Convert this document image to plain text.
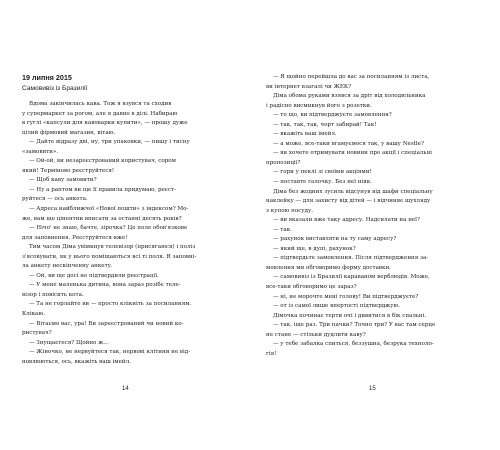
19 липня 2015
Самовивіз із Бразилії
Вдома закінчилась кава. Тож я взувся та сходив
у супермаркет за рогом, але я давно в ділі. Набираю
в гуглі «капсули для кавоварки купити», — прошу дуже
цілий фірмовий магазин, вітаю.
— Дайте відразу дві, ну, три упаковки, — пишу і тисну
«замовити».
— Ой-ой, ви незареєстрований користувач, сором
який! Терміново реєструйтеся!
— Щоб каву замовити?
— Ну а раптом ви ще її правила придумаю, реєст-
руйтеся — ось анкета.
— Адреса найближчої «Нової пошти» з індексом? Мо-
же, вам ще цінентни вписати за останні десять років?
— Нічо' не знаю, бачте, зірочка? Це поле обов'язкове
для заповнення. Реєструйтеся вже!
Тим часом Діма увімкнув телевізор (присягаюся) і поліз
з'ясовувати, як у нього поміщаються всі ті поля. Я заповні-
ла анкету нескінченну анкету.
— Ой, ви ще досі не підтвердили реєстрації.
— У мене маленька дитина, вона зараз розібє теле-
візор і повісить кота.
— Та не горлайте ви — просто клікніть за посиланням.
Клікаю.
— Вітаємо вас, ура! Ви зареєстрований чи новий ко-
ристувач?
— Знущаєтеся? Щойно ж...
— Жіночко, не нервуйтеся так, нервові клітини не від-
новлюються, ось, вкажіть ваш імейл.
14
— Я щойно перейшла до вас за посиланням із листа,
ви інтернет взагалі чи ЖЕК?
Діма обома руками взявся за дріт від холодильника
і радісно висмикнув його з розетки.
— то що, ви підтверджуєте замовлення?
— так, так, так, чорт забирай! Так!
— вкажіть ваш імейл.
— а може, все-таки вгамуємося так, у вашу Nestle?
— ви хочете отримувати новини про акції і спеціальні
пропозиції?
— гори у пеклі зі своїми акціями!
— поставте галочку. Без неї ніяк.
Діма без жодних зусиль відсунув від шафи спеціальну
наклейку — для захисту від дітей — і відчиняє шухляду
з купою посуду.
— ви вказали вже таку адресу. Надсилати на неї?
— так.
— рахунок виставляти на ту саму адресу?
— який ще, в дупі, рахунок?
— підтвердьте замовлення. Після підтвердження за-
мовлення ми обговоримо форму доставки.
— самовивіз із Бразилії караваном верблюдів. Може,
все-таки обговоримо це зараз?
— ні, не морочте мені голову! Ви підтверджуєте?
— от із самої лише впертості підтверджую.
Дімочка починає терти очі і дивитися в бік спальні.
— так, іще раз. Три пачки? Точно три? У вас там серце
не стане — стільки дудлити каву?
— у тебе забалка спиться, беззушна, безрука техноло-
гія!
15
